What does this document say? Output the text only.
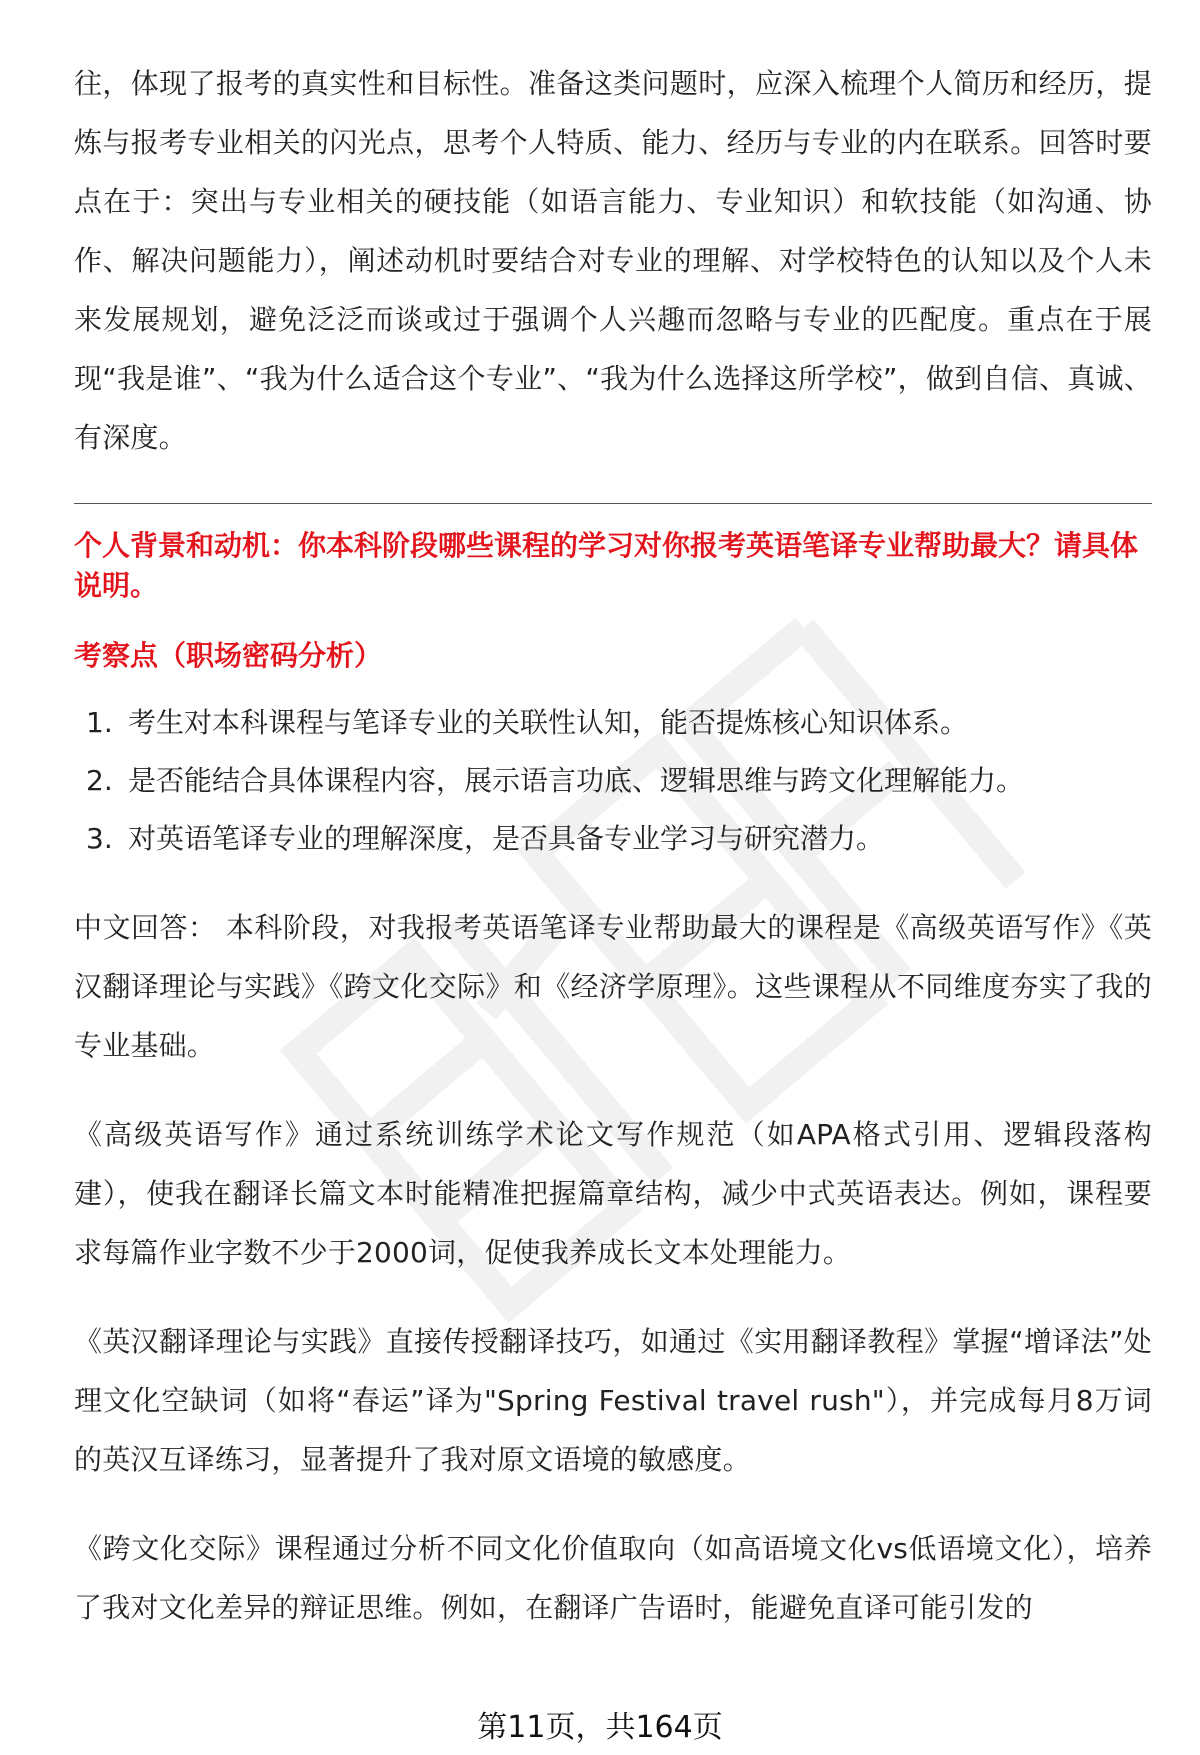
往，体现了报考的真实性和目标性。准备这类问题时，应深入梳理个人简历和经历，提炼与报考专业相关的闪光点，思考个人特质、能力、经历与专业的内在联系。回答时要点在于：突出与专业相关的硬技能（如语言能力、专业知识）和软技能（如沟通、协作、解决问题能力），阐述动机时要结合对专业的理解、对学校特色的认知以及个人未来发展规划，避免泛泛而谈或过于强调个人兴趣而忽略与专业的匹配度。重点在于展现“我是谁”、“我为什么适合这个专业”、“我为什么选择这所学校”，做到自信、真诚、有深度。

个人背景和动机：你本科阶段哪些课程的学习对你报考英语笔译专业帮助最大？请具体说明。

考察点（职场密码分析）

1. 考生对本科课程与笔译专业的关联性认知，能否提炼核心知识体系。
2. 是否能结合具体课程内容，展示语言功底、逻辑思维与跨文化理解能力。
3. 对英语笔译专业的理解深度，是否具备专业学习与研究潜力。

中文回答： 本科阶段，对我报考英语笔译专业帮助最大的课程是《高级英语写作》《英汉翻译理论与实践》《跨文化交际》和《经济学原理》。这些课程从不同维度夯实了我的专业基础。

《高级英语写作》通过系统训练学术论文写作规范（如APA格式引用、逻辑段落构建），使我在翻译长篇文本时能精准把握篇章结构，减少中式英语表达。例如，课程要求每篇作业字数不少于2000词，促使我养成长文本处理能力。

《英汉翻译理论与实践》直接传授翻译技巧，如通过《实用翻译教程》掌握“增译法”处理文化空缺词（如将“春运”译为"Spring Festival travel rush"），并完成每月8万词的英汉互译练习，显著提升了我对原文语境的敏感度。

《跨文化交际》课程通过分析不同文化价值取向（如高语境文化vs低语境文化），培养了我对文化差异的辩证思维。例如，在翻译广告语时，能避免直译可能引发的

第11页，共164页
